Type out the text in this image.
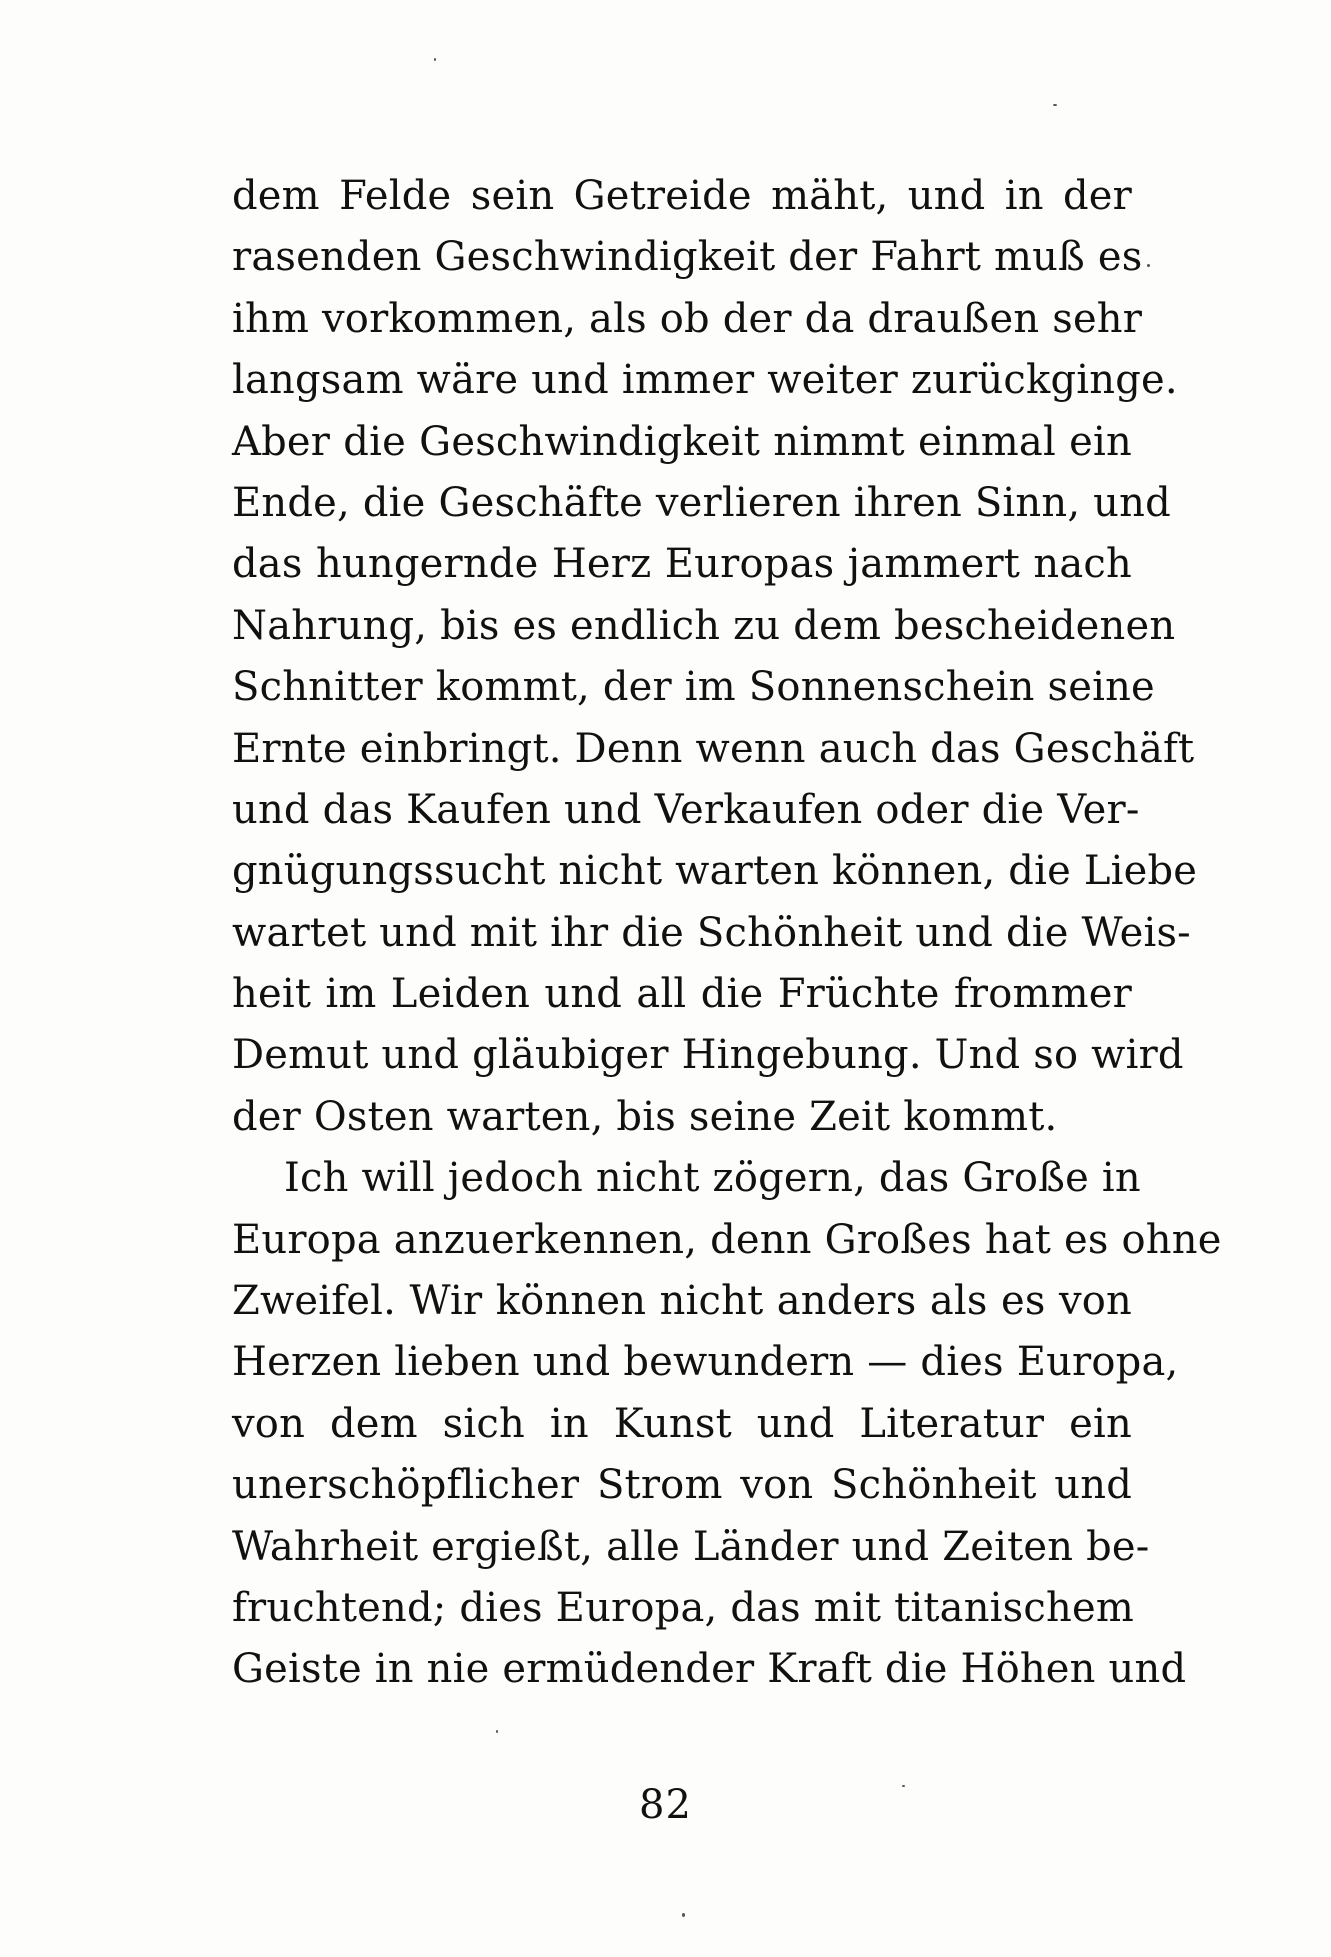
dem Felde sein Getreide mäht, und in der
rasenden Geschwindigkeit der Fahrt muß es
ihm vorkommen, als ob der da draußen sehr
langsam wäre und immer weiter zurückginge.
Aber die Geschwindigkeit nimmt einmal ein
Ende, die Geschäfte verlieren ihren Sinn, und
das hungernde Herz Europas jammert nach
Nahrung, bis es endlich zu dem bescheidenen
Schnitter kommt, der im Sonnenschein seine
Ernte einbringt. Denn wenn auch das Geschäft
und das Kaufen und Verkaufen oder die Ver-
gnügungssucht nicht warten können, die Liebe
wartet und mit ihr die Schönheit und die Weis-
heit im Leiden und all die Früchte frommer
Demut und gläubiger Hingebung. Und so wird
der Osten warten, bis seine Zeit kommt.
Ich will jedoch nicht zögern, das Große in
Europa anzuerkennen, denn Großes hat es ohne
Zweifel. Wir können nicht anders als es von
Herzen lieben und bewundern — dies Europa,
von dem sich in Kunst und Literatur ein
unerschöpflicher Strom von Schönheit und
Wahrheit ergießt, alle Länder und Zeiten be-
fruchtend; dies Europa, das mit titanischem
Geiste in nie ermüdender Kraft die Höhen und
82
